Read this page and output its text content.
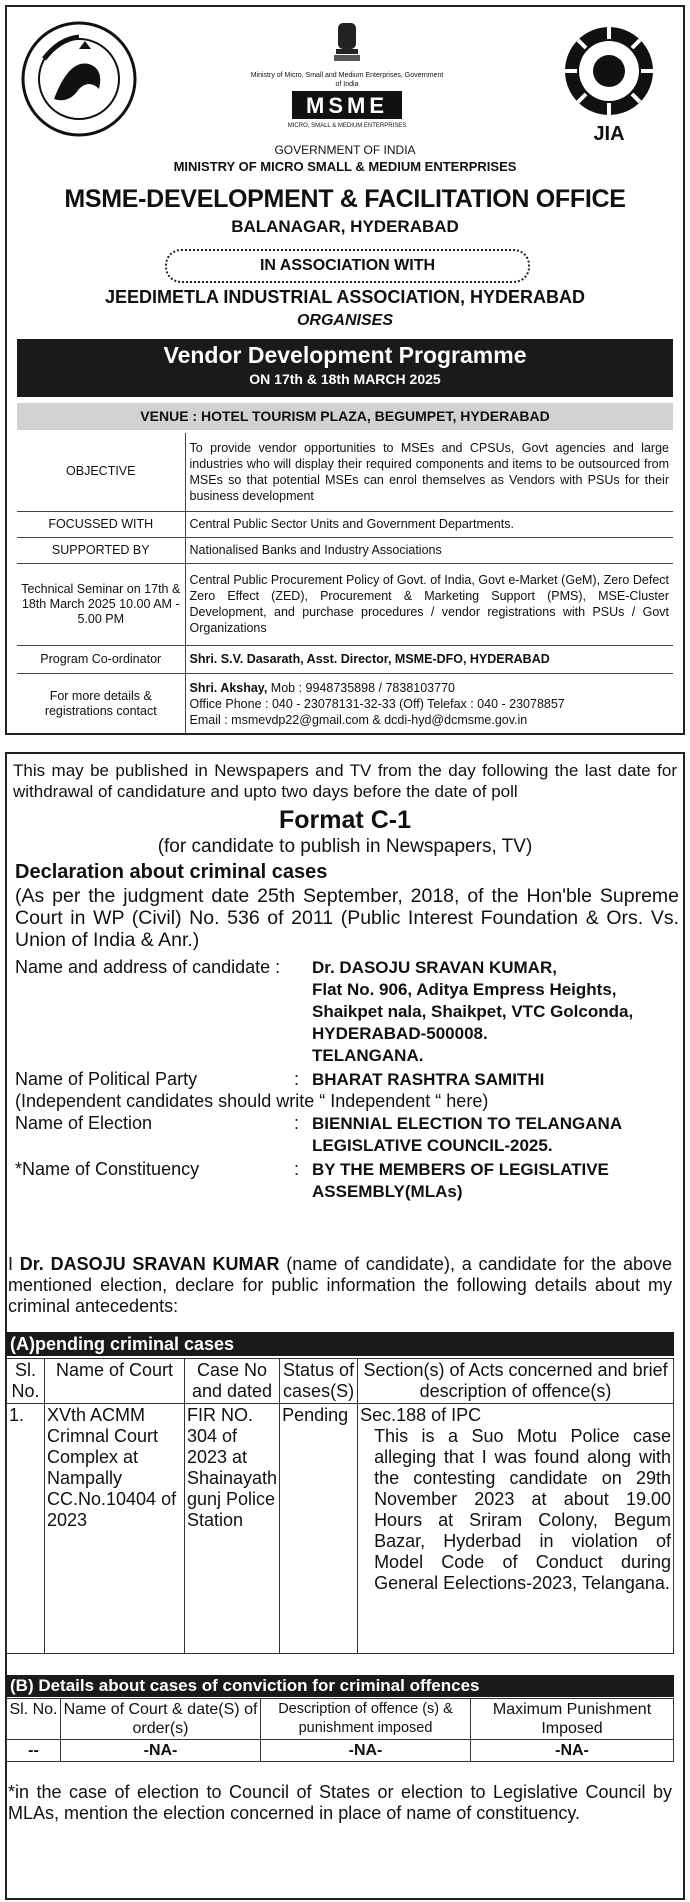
Ministry of Micro, Small and Medium Enterprises, Government of India
MSME
MICRO, SMALL & MEDIUM ENTERPRISES	JIA
GOVERNMENT OF INDIA
MINISTRY OF MICRO SMALL & MEDIUM ENTERPRISES
MSME-DEVELOPMENT & FACILITATION OFFICE
BALANAGAR, HYDERABAD
IN ASSOCIATION WITH
JEEDIMETLA INDUSTRIAL ASSOCIATION, HYDERABAD
ORGANISES
Vendor Development Programme
ON 17th & 18th MARCH 2025
VENUE : HOTEL TOURISM PLAZA, BEGUMPET, HYDERABAD
OBJECTIVE	To provide vendor opportunities to MSEs and CPSUs, Govt agencies and large industries who will display their required components and items to be outsourced from MSEs so that potential MSEs can enrol themselves as Vendors with PSUs for their business development
FOCUSSED WITH	Central Public Sector Units and Government Departments.
SUPPORTED BY	Nationalised Banks and Industry Associations
Technical Seminar on 17th & 18th March 2025 10.00 AM - 5.00 PM	Central Public Procurement Policy of Govt. of India, Govt e-Market (GeM), Zero Defect Zero Effect (ZED), Procurement & Marketing Support (PMS), MSE-Cluster Development, and purchase procedures / vendor registrations with PSUs / Govt Organizations
Program Co-ordinator	Shri. S.V. Dasarath, Asst. Director, MSME-DFO, HYDERABAD
For more details & registrations contact	Shri. Akshay, Mob : 9948735898 / 7838103770
Office Phone : 040 - 23078131-32-33 (Off) Telefax : 040 - 23078857
Email : msmevdp22@gmail.com & dcdi-hyd@dcmsme.gov.in
This may be published in Newspapers and TV from the day following the last date for withdrawal of candidature and upto two days before the date of poll
Format C-1
(for candidate to publish in Newspapers, TV)
Declaration about criminal cases
(As per the judgment date 25th September, 2018, of the Hon'ble Supreme Court in WP (Civil) No. 536 of 2011 (Public Interest Foundation & Ors. Vs. Union of India & Anr.)
Name and address of candidate : Dr. DASOJU SRAVAN KUMAR,
Flat No. 906, Aditya Empress Heights,
Shaikpet nala, Shaikpet, VTC Golconda,
HYDERABAD-500008.
TELANGANA.
Name of Political Party	: BHARAT RASHTRA SAMITHI
(Independent candidates should write “ Independent “ here)
Name of Election	: BIENNIAL ELECTION TO TELANGANA
LEGISLATIVE COUNCIL-2025.
*Name of Constituency	: BY THE MEMBERS OF LEGISLATIVE
ASSEMBLY(MLAs)
I Dr. DASOJU SRAVAN KUMAR (name of candidate), a candidate for the above mentioned election, declare for public information the following details about my criminal antecedents:
(A)pending criminal cases
Sl. No.	Name of Court	Case No and dated	Status of cases(S)	Section(s) of Acts concerned and brief description of offence(s)
1.	XVth ACMM Crimnal Court Complex at Nampally CC.No.10404 of 2023	FIR NO. 304 of 2023 at Shainayath gunj Police Station	Pending	Sec.188 of IPC
This is a Suo Motu Police case alleging that I was found along with the contesting candidate on 29th November 2023 at about 19.00 Hours at Sriram Colony, Begum Bazar, Hyderbad in violation of Model Code of Conduct during General Eelections-2023, Telangana.
(B) Details about cases of conviction for criminal offences
Sl. No.	Name of Court & date(S) of order(s)	Description of offence (s) & punishment imposed	Maximum Punishment Imposed
--	-NA-	-NA-	-NA-
*in the case of election to Council of States or election to Legislative Council by MLAs, mention the election concerned in place of name of constituency.
